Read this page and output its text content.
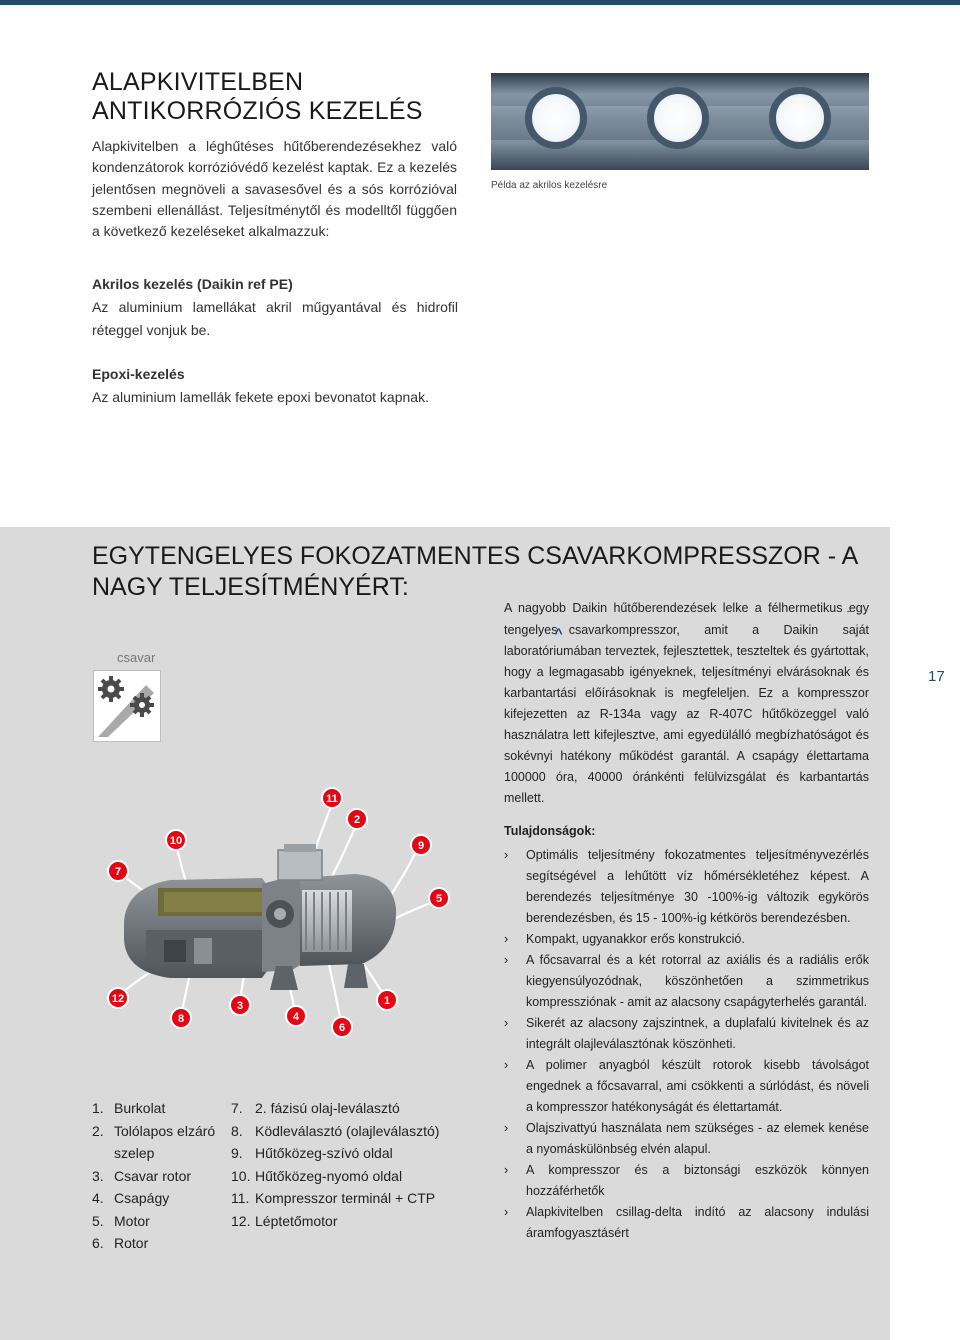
ALAPKIVITELBEN
ANTIKORRÓZIÓS KEZELÉS
Alapkivitelben a léghűtéses hűtőberendezésekhez való kondenzátorok korrózióvédő kezelést kaptak. Ez a kezelés jelentősen megnöveli a savasesővel és a sós korrózióval szembeni ellenállást. Teljesítménytől és modelltől függően a következő kezeléseket alkalmazzuk:
Példa az akrilos kezelésre
Akrilos kezelés (Daikin ref PE)
Az aluminium lamellákat akril műgyantával és hidrofil réteggel vonjuk be.
Epoxi-kezelés
Az aluminium lamellák fekete epoxi bevonatot kapnak.
EGYTENGELYES FOKOZATMENTES CSAVARKOMPRESSZOR - A
NAGY TELJESÍTMÉNYÉRT:
csavar
17

A nagyobb Daikin hűtőberendezések lelke a félhermetikus egy tengelyes^ csavarkompresszor, amit a Daikin saját laboratóriumában terveztek, fejlesztettek, teszteltek és gyártottak, hogy a legmagasabb igényeknek, teljesítményi elvárásoknak és karbantartási előírásoknak is megfeleljen. Ez a kompresszor kifejezetten az R-134a vagy az R-407C hűtőközeggel való használatra lett kifejlesztve, ami egyedülálló megbízhatóságot és sokévnyi hatékony működést garantál. A csapágy élettartama 100000 óra, 40000 óránkénti felülvizsgálat és karbantartás mellett.

Tulajdonságok:
› Optimális teljesítmény fokozatmentes teljesítményvezérlés segítségével a lehűtött víz hőmérsékletéhez képest. A berendezés teljesítménye 30 -100%-ig változik egykörös berendezésben, és 15 - 100%-ig kétkörös berendezésben.
› Kompakt, ugyanakkor erős konstrukció.
› A főcsavarral és a két rotorral az axiális és a radiális erők kiegyensúlyozódnak, köszönhetően a szimmetrikus kompressziónak - amit az alacsony csapágyterhelés garantál.
› Sikerét az alacsony zajszintnek, a duplafalú kivitelnek és az integrált olajleválasztónak köszönheti.
› A polimer anyagból készült rotorok kisebb távolságot engednek a főcsavarral, ami csökkenti a súrlódást, és növeli a kompresszor hatékonyságát és élettartamát.
› Olajszivattyú használata nem szükséges - az elemek kenése a nyomáskülönbség elvén alapul.
› A kompresszor és a biztonsági eszközök könnyen hozzáférhetők
› Alapkivitelben csillag-delta indító az alacsony indulási áramfogyasztásért
11
2
10	9
7
5
12	1
8
3
4
6
1. Burkolat
2. Tolólapos elzáró szelep
3. Csavar rotor
4. Csapágy
5. Motor
6. Rotor
7. 2. fázisú olaj-leválasztó
8. Ködleválasztó (olajleválasztó)
9. Hűtőközeg-szívó oldal
10. Hűtőközeg-nyomó oldal
11. Kompresszor terminál + CTP
12. Léptetőmotor
